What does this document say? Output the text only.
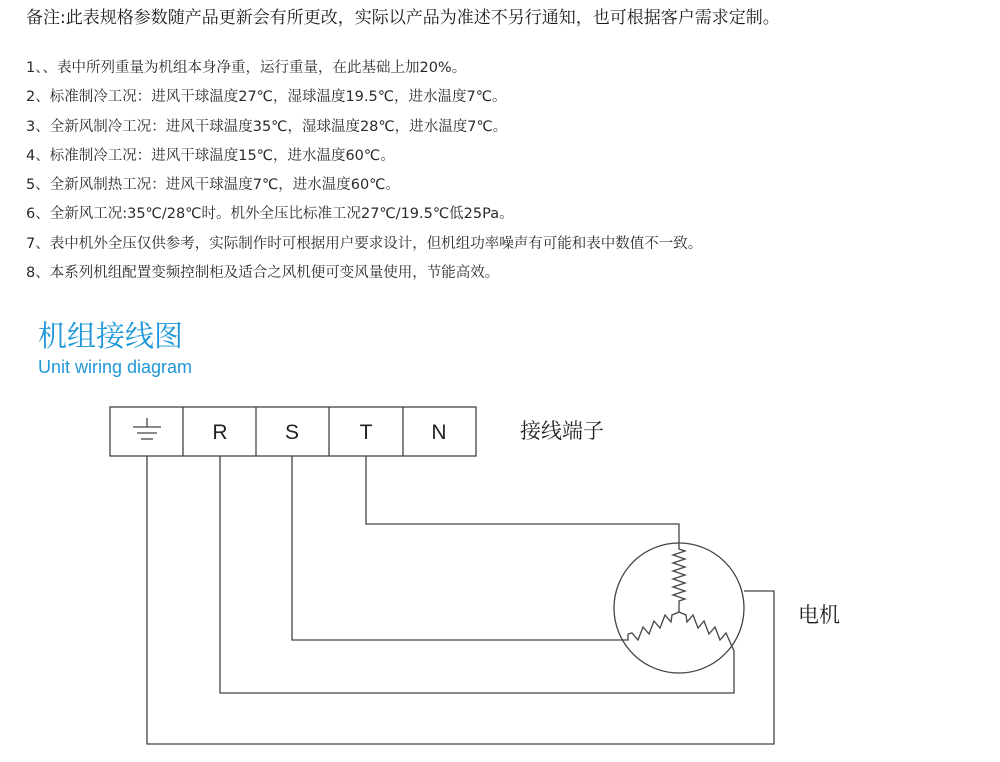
备注:此表规格参数随产品更新会有所更改，实际以产品为准述不另行通知，也可根据客户需求定制。

1、、表中所列重量为机组本身净重，运行重量，在此基础上加20%。
2、标准制冷工况：进风干球温度27℃，湿球温度19.5℃，进水温度7℃。
3、全新风制冷工况：进风干球温度35℃，湿球温度28℃，进水温度7℃。
4、标准制冷工况：进风干球温度15℃，进水温度60℃。
5、全新风制热工况：进风干球温度7℃，进水温度60℃。
6、全新风工况:35℃/28℃时。机外全压比标准工况27℃/19.5℃低25Pa。
7、表中机外全压仅供参考，实际制作时可根据用户要求设计，但机组功率噪声有可能和表中数值不一致。
8、本系列机组配置变频控制柜及适合之风机便可变风量使用，节能高效。
机组接线图
Unit wiring diagram
R	S	T	N	接线端子
电机
